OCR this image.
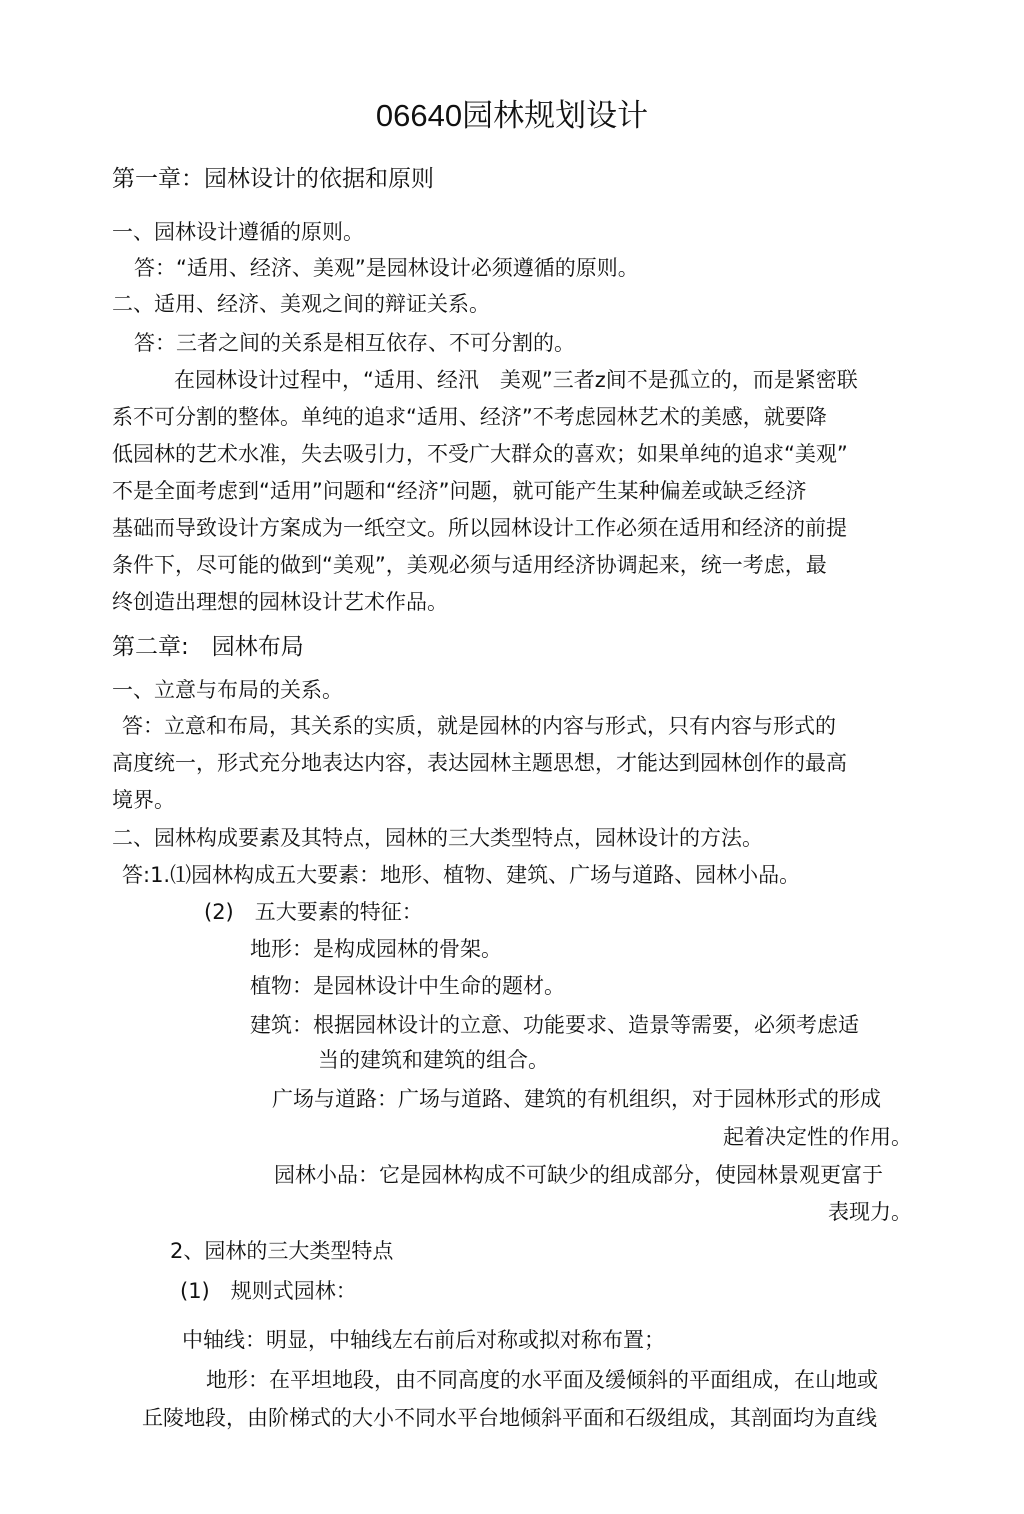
06640园林规划设计
第一章：园林设计的依据和原则
一、园林设计遵循的原则。
答：“适用、经济、美观”是园林设计必须遵循的原则。
二、适用、经济、美观之间的辩证关系。
答：三者之间的关系是相互依存、不可分割的。
在园林设计过程中，“适用、经汛　美观”三者z间不是孤立的，而是紧密联
系不可分割的整体。单纯的追求“适用、经济”不考虑园林艺术的美感，就要降
低园林的艺术水准，失去吸引力，不受广大群众的喜欢；如果单纯的追求“美观”
不是全面考虑到“适用”问题和“经济”问题，就可能产生某种偏差或缺乏经济
基础而导致设计方案成为一纸空文。所以园林设计工作必须在适用和经济的前提
条件下，尽可能的做到“美观”，美观必须与适用经济协调起来，统一考虑，最
终创造出理想的园林设计艺术作品。
第二章:　园林布局
一、立意与布局的关系。
答：立意和布局，其关系的实质，就是园林的内容与形式，只有内容与形式的
高度统一，形式充分地表达内容，表达园林主题思想，才能达到园林创作的最高
境界。
二、园林构成要素及其特点，园林的三大类型特点，园林设计的方法。
答:1.⑴园林构成五大要素：地形、植物、建筑、广场与道路、园林小品。
(2)　五大要素的特征：
地形：是构成园林的骨架。
植物：是园林设计中生命的题材。
建筑：根据园林设计的立意、功能要求、造景等需要，必须考虑适
当的建筑和建筑的组合。
广场与道路：广场与道路、建筑的有机组织，对于园林形式的形成
起着决定性的作用。
园林小品：它是园林构成不可缺少的组成部分，使园林景观更富于
表现力。
2、园林的三大类型特点
(1)　规则式园林：
中轴线：明显，中轴线左右前后对称或拟对称布置；
地形：在平坦地段，由不同高度的水平面及缓倾斜的平面组成，在山地或
丘陵地段，由阶梯式的大小不同水平台地倾斜平面和石级组成，其剖面均为直线
